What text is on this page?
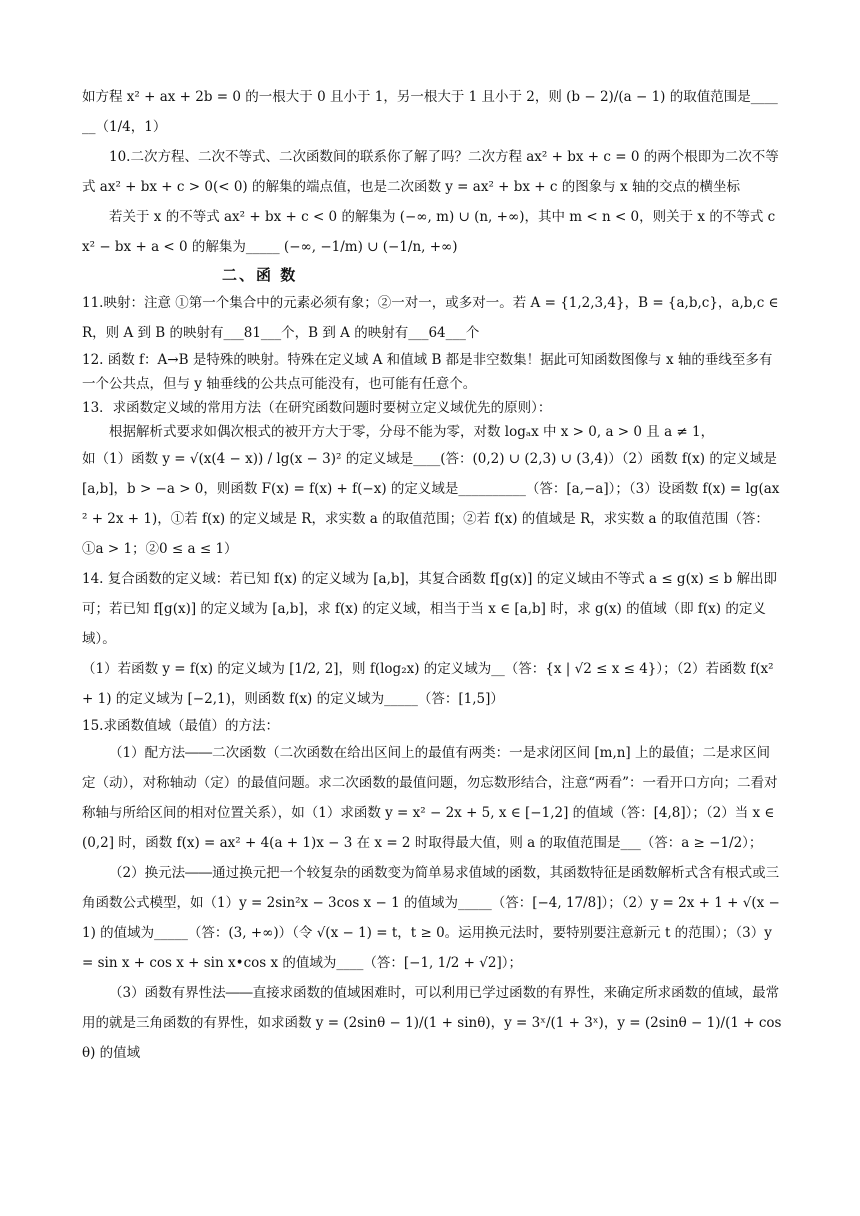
如方程 x² + ax + 2b = 0 的一根大于 0 且小于 1，另一根大于 1 且小于 2，则 (b − 2)/(a − 1) 的取值范围是______（1/4，1）

10.二次方程、二次不等式、二次函数间的联系你了解了吗？二次方程 ax² + bx + c = 0 的两个根即为二次不等式 ax² + bx + c > 0(< 0) 的解集的端点值，也是二次函数 y = ax² + bx + c 的图象与 x 轴的交点的横坐标

若关于 x 的不等式 ax² + bx + c < 0 的解集为 (−∞, m) ∪ (n, +∞)，其中 m < n < 0，则关于 x 的不等式 cx² − bx + a < 0 的解集为_____ (−∞, −1/m) ∪ (−1/n, +∞)

二、函 数

11.映射：注意 ①第一个集合中的元素必须有象；②一对一，或多对一。若 A = {1,2,3,4}，B = {a,b,c}，a,b,c ∈ R，则 A 到 B 的映射有___81___个，B 到 A 的映射有___64___个

12. 函数 f：A→B 是特殊的映射。特殊在定义域 A 和值域 B 都是非空数集！据此可知函数图像与 x 轴的垂线至多有一个公共点，但与 y 轴垂线的公共点可能没有，也可能有任意个。

13．求函数定义域的常用方法（在研究函数问题时要树立定义域优先的原则）：

根据解析式要求如偶次根式的被开方大于零，分母不能为零，对数 logₐx 中 x > 0, a > 0 且 a ≠ 1，

如（1）函数 y = √(x(4 − x)) / lg(x − 3)² 的定义域是____(答：(0,2) ∪ (2,3) ∪ (3,4)）（2）函数 f(x) 的定义域是 [a,b]，b > −a > 0，则函数 F(x) = f(x) + f(−x) 的定义域是__________（答：[a,−a]）；（3）设函数 f(x) = lg(ax² + 2x + 1)，①若 f(x) 的定义域是 R，求实数 a 的取值范围；②若 f(x) 的值域是 R，求实数 a 的取值范围（答：①a > 1；②0 ≤ a ≤ 1）

14. 复合函数的定义域：若已知 f(x) 的定义域为 [a,b]，其复合函数 f[g(x)] 的定义域由不等式 a ≤ g(x) ≤ b 解出即可；若已知 f[g(x)] 的定义域为 [a,b]，求 f(x) 的定义域，相当于当 x ∈ [a,b] 时，求 g(x) 的值域（即 f(x) 的定义域）。

（1）若函数 y = f(x) 的定义域为 [1/2, 2]，则 f(log₂x) 的定义域为__（答：{x | √2 ≤ x ≤ 4}）；（2）若函数 f(x² + 1) 的定义域为 [−2,1)，则函数 f(x) 的定义域为_____（答：[1,5]）

15.求函数值域（最值）的方法：

（1）配方法――二次函数（二次函数在给出区间上的最值有两类：一是求闭区间 [m,n] 上的最值；二是求区间定（动），对称轴动（定）的最值问题。求二次函数的最值问题，勿忘数形结合，注意“两看”：一看开口方向；二看对称轴与所给区间的相对位置关系），如（1）求函数 y = x² − 2x + 5, x ∈ [−1,2] 的值域（答：[4,8]）；（2）当 x ∈ (0,2] 时，函数 f(x) = ax² + 4(a + 1)x − 3 在 x = 2 时取得最大值，则 a 的取值范围是___（答：a ≥ −1/2）；

（2）换元法――通过换元把一个较复杂的函数变为简单易求值域的函数，其函数特征是函数解析式含有根式或三角函数公式模型，如（1）y = 2sin²x − 3cos x − 1 的值域为_____（答：[−4, 17/8]）；（2）y = 2x + 1 + √(x − 1) 的值域为_____（答：(3, +∞)）（令 √(x − 1) = t，t ≥ 0。运用换元法时，要特别要注意新元 t 的范围）；（3）y = sin x + cos x + sin x•cos x 的值域为____（答：[−1, 1/2 + √2]）；

（3）函数有界性法――直接求函数的值域困难时，可以利用已学过函数的有界性，来确定所求函数的值域，最常用的就是三角函数的有界性，如求函数 y = (2sinθ − 1)/(1 + sinθ)，y = 3ˣ/(1 + 3ˣ)，y = (2sinθ − 1)/(1 + cosθ) 的值域
